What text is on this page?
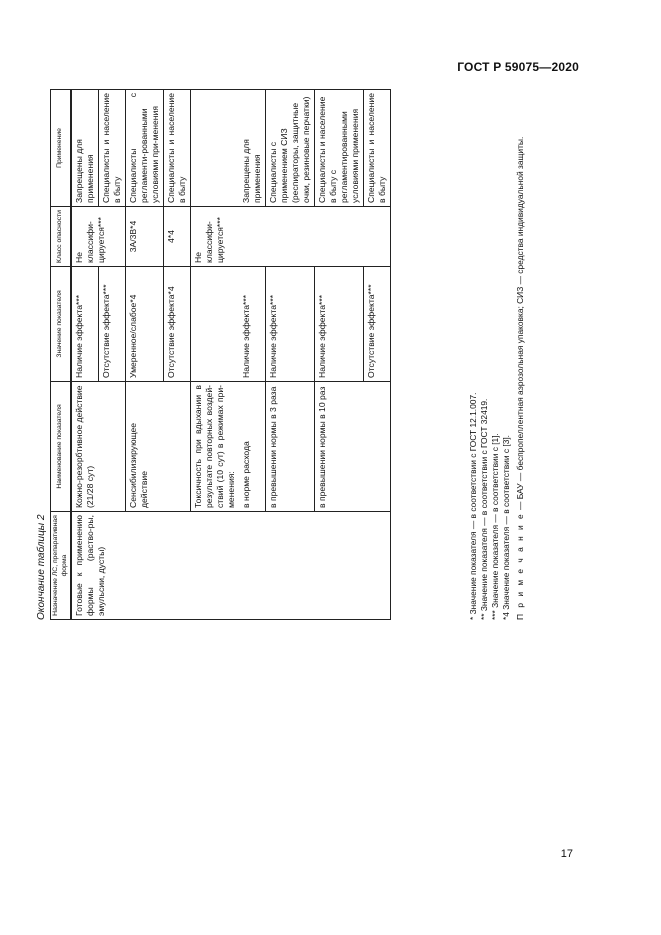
ГОСТ Р 59075—2020
Окончание таблицы 2 Назначение ЛС, препаративная форма	Наименование показателя	Значение показателя	Класс опасности	Применение
Готовые к применению формы (раство-ры, эмульсии, дусты)	Кожно-резорбтивное действие (21/28 сут)	Наличие эффекта***	Не классифи-цируется***	Запрещены для применения
		Отсутствие эффекта***		Специалисты и население в быту
	Сенсибилизирующее действие	Умеренное/слабое*4	3А/3В*4	Специалисты с регламенти-рованными условиями при-менения
		Отсутствие эффекта*4	4*4	Специалисты и население в быту
	Токсичность при вдыхании в результате повторных воздей-ствий (10 сут) в режимах при-менения:		Не классифи-цируется***	
	в норме расхода	Наличие эффекта***		Запрещены для применения
	в превышении нормы в 3 раза	Наличие эффекта***		Специалисты с применением СИЗ (респираторы, защитные очки, резиновые перчатки)
	в превышении нормы в 10 раз	Наличие эффекта***		Специалисты и население в быту с регламентированными условиями применения
		Отсутствие эффекта***		Специалисты и население в быту
* Значение показателя — в соответствии с ГОСТ 12.1.007. ** Значение показателя — в соответствии с ГОСТ 32419. *** Значение показателя — в соответствии с [1]. *4 Значение показателя — в соответствии с [3]. П р и м е ч а н и е — БАУ — беспропеллентная аэрозольная упаковка; СИЗ — средства индивидуальной защиты.
17
